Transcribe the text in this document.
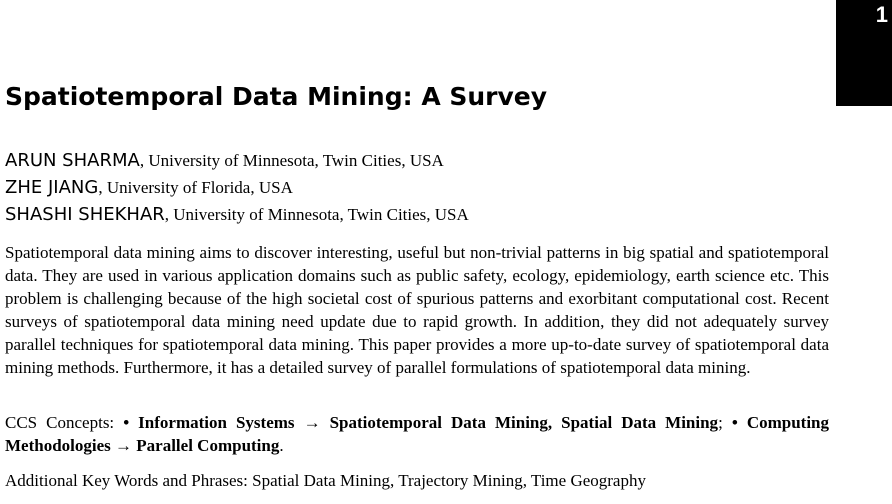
1
Spatiotemporal Data Mining: A Survey
ARUN SHARMA, University of Minnesota, Twin Cities, USA
ZHE JIANG, University of Florida, USA
SHASHI SHEKHAR, University of Minnesota, Twin Cities, USA

Spatiotemporal data mining aims to discover interesting, useful but non-trivial patterns in big spatial and spatiotemporal data. They are used in various application domains such as public safety, ecology, epidemiology, earth science etc. This problem is challenging because of the high societal cost of spurious patterns and exorbitant computational cost. Recent surveys of spatiotemporal data mining need update due to rapid growth. In addition, they did not adequately survey parallel techniques for spatiotemporal data mining. This paper provides a more up-to-date survey of spatiotemporal data mining methods. Furthermore, it has a detailed survey of parallel formulations of spatiotemporal data mining.

CCS Concepts: • Information Systems → Spatiotemporal Data Mining, Spatial Data Mining; • Computing Methodologies → Parallel Computing.

Additional Key Words and Phrases: Spatial Data Mining, Trajectory Mining, Time Geography
